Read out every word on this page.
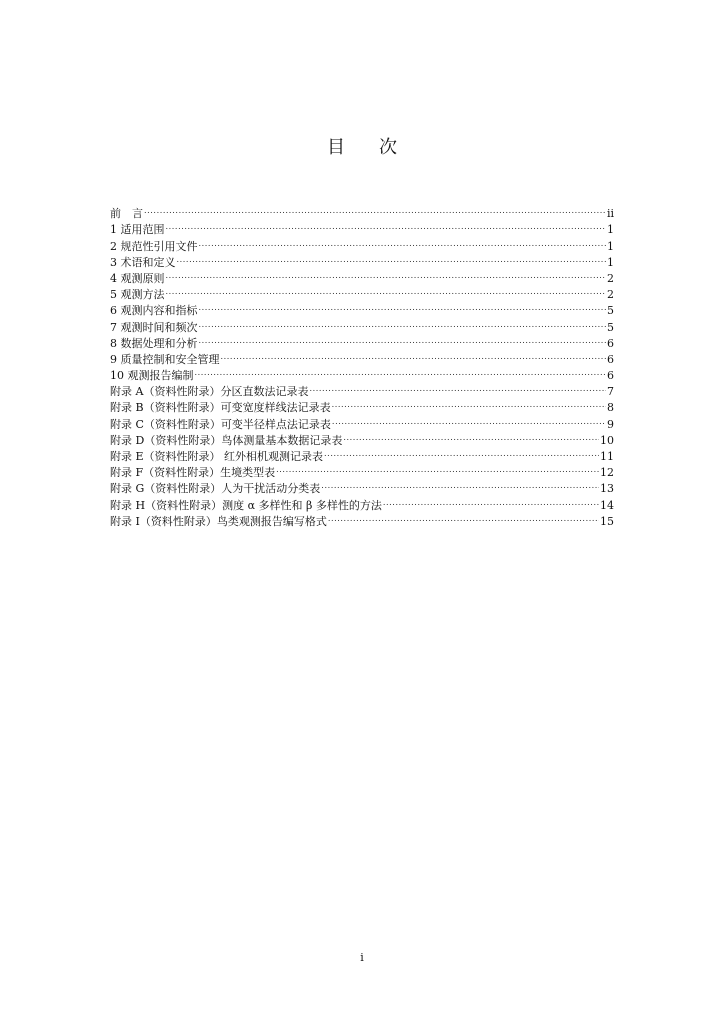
目 次
前　言 .....	ii
1 适用范围 .....	1
2 规范性引用文件 .....	1
3 术语和定义 .....	1
4 观测原则 .....	2
5 观测方法 .....	2
6 观测内容和指标 .....	5
7 观测时间和频次 .....	5
8 数据处理和分析 .....	6
9 质量控制和安全管理 .....	6
10 观测报告编制 .....	6
附录 A（资料性附录）分区直数法记录表 .....	7
附录 B（资料性附录）可变宽度样线法记录表 .....	8
附录 C（资料性附录）可变半径样点法记录表 .....	9
附录 D（资料性附录）鸟体测量基本数据记录表 .....	10
附录 E（资料性附录） 红外相机观测记录表 .....	11
附录 F（资料性附录）生境类型表 .....	12
附录 G（资料性附录）人为干扰活动分类表 .....	13
附录 H（资料性附录）测度 α 多样性和 β 多样性的方法 .....	14
附录 I（资料性附录）鸟类观测报告编写格式 .....	15
i
